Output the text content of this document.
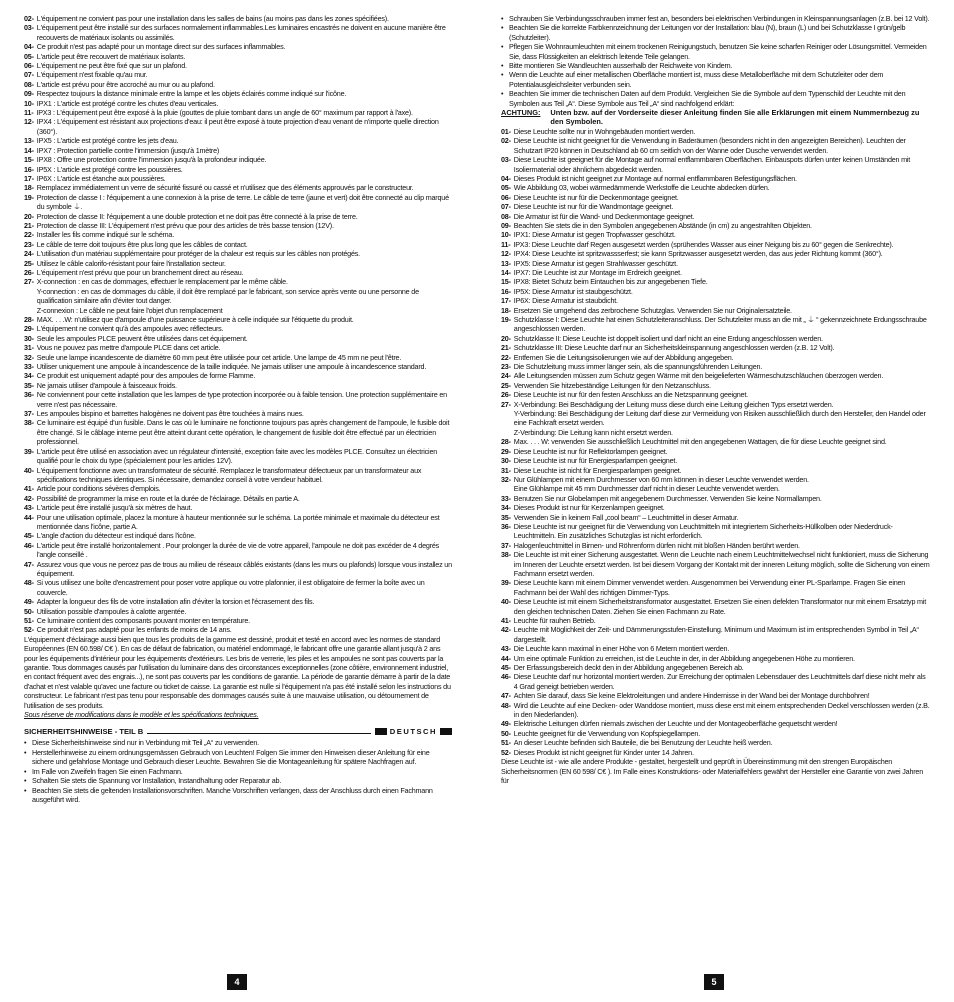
02- L'équipement ne convient pas pour une installation dans les salles de bains (au moins pas dans les zones spécifiées).
03- L'équipement peut être installé sur des surfaces normalement inflammables.Les luminaires encastrés ne doivent en aucune manière être recouverts de matériaux isolants ou assimilés.
04- Ce produit n'est pas adapté pour un montage direct sur des surfaces inflammables.
05- L'article peut être recouvert de matériaux isolants.
06- L'équipement ne peut être fixé que sur un plafond.
07- L'équipement n'est fixable qu'au mur.
08- L'article est prévu pour être accroché au mur ou au plafond.
09- Respectez toujours la distance minimale entre la lampe et les objets éclairés comme indiqué sur l'icône.
10- IPX1 : L'article est protégé contre les chutes d'eau verticales.
11- IPX3 : L'équipement peut être exposé à la pluie (gouttes de pluie tombant dans un angle de 60° maximum par rapport à l'axe).
12- IPX4 : L'équipement est résistant aux projections d'eau: il peut être exposé à toute projection d'eau venant de n'importe quelle direction (360°).
13- IPX5 : L'article est protégé contre les jets d'eau.
14- IPX7 : Protection partielle contre l'immersion (jusqu'à 1mètre)
15- IPX8 : Offre une protection contre l'immersion jusqu'à la profondeur indiquée.
16- IP5X : L'article est protégé contre les poussières.
17- IP6X : L'article est étanche aux poussières.
18- Remplacez immédiatement un verre de sécurité fissuré ou cassé et n'utilisez que des éléments approuvés par le constructeur.
19- Protection de classe I : l'équipement a une connexion à la prise de terre. Le câble de terre (jaune et vert) doit être connecté au clip marqué du symbole ⏚.
20- Protection de classe II: l'équipement a une double protection et ne doit pas être connecté à la prise de terre.
21- Protection de classe III: L'équipement n'est prévu que pour des articles de très basse tension (12V).
22- Installer les fils comme indiqué sur le schéma.
23- Le câble de terre doit toujours être plus long que les câbles de contact.
24- L'utilisation d'un matériau supplémentaire pour protéger de la chaleur est requis sur les câbles non protégés.
25- Utilisez le câble calorifo-résistant pour faire l'installation secteur.
26- L'équipement n'est prévu que pour un branchement direct au réseau.
27- X-connection : en cas de dommages, effectuer le remplacement par le même câble.
Y-connection : en cas de dommages du câble, il doit être remplacé par le fabricant, son service après vente ou une personne de qualification similaire afin d'éviter tout danger.
Z-connexion : Le câble ne peut faire l'objet d'un remplacement
28- MAX. . . .W: n'utilisez que d'ampoule d'une puissance supérieure à celle indiquée sur l'étiquette du produit.
29- L'équipement ne convient qu'à des ampoules avec réflecteurs.
30- Seule les ampoules PLCE peuvent être utilisées dans cet équipement.
31- Vous ne pouvez pas mettre d'ampoule PLCE dans cet article.
32- Seule une lampe incandescente de diamètre 60 mm peut être utilisée pour cet article. Une lampe de 45 mm ne peut l'être.
33- Utiliser uniquement une ampoule à incandescence de la taille indiquée. Ne jamais utiliser une ampoule à incandescence standard.
34- Ce produit est uniquement adapté pour des ampoules de forme Flamme.
35- Ne jamais utiliser d'ampoule à faisceaux froids.
36- Ne conviennent pour cette installation que les lampes de type protection incorporée ou à faible tension. Une protection supplémentaire en verre n'est pas nécessaire.
37- Les ampoules bispino et barrettes halogènes ne doivent pas être touchées à mains nues.
38- Ce luminaire est équipé d'un fusible. Dans le cas où le luminaire ne fonctionne toujours pas après changement de l'ampoule, le fusible doit être changé. Si le câblage interne peut être atteint durant cette opération, le changement de fusible doit être effectué par un électricien professionnel.
39- L'article peut être utilisé en association avec un régulateur d'intensité, exception faite avec les modèles PLCE. Consultez un électricien qualifié pour le choix du type (spécialement pour les articles 12V).
40- L'équipement fonctionne avec un transformateur de sécurité. Remplacez le transformateur défectueux par un transformateur aux spécifications techniques identiques. Si nécessaire, demandez conseil à votre vendeur habituel.
41- Article pour conditions sévères d'emplois.
42- Possibilité de programmer la mise en route et la durée de l'éclairage. Détails en partie A.
43- L'article peut être installé jusqu'à six mètres de haut.
44- Pour une utilisation optimale, placez la monture à hauteur mentionnée sur le schéma. La portée minimale et maximale du détecteur est mentionnée dans l'icône, partie A.
45- L'angle d'action du détecteur est indiqué dans l'icône.
46- L'article peut être installé horizontalement . Pour prolonger la durée de vie de votre appareil, l'ampoule ne doit pas excéder de 4 degrés l'angle conseillé .
47- Assurez vous que vous ne percez pas de trous au milieu de réseaux câblés existants (dans les murs ou plafonds) lorsque vous installez un équipement.
48- Si vous utilisez une boîte d'encastrement pour poser votre applique ou votre plafonnier, il est obligatoire de fermer la boîte avec un couvercle.
49- Adapter la longueur des fils de votre installation afin d'éviter la torsion et l'écrasement des fils.
50- Utilisation possible d'ampoules à calotte argentée.
51- Ce luminaire contient des composants pouvant monter en température.
52- Ce produit n'est pas adapté pour les enfants de moins de 14 ans.
L'équipement d'éclairage aussi bien que tous les produits de la gamme est dessiné, produit et testé en accord avec les normes de standard Européennes (EN 60.598/ C€ ). En cas de défaut de fabrication, ou matériel endommagé, le fabricant offre une garantie allant jusqu'à 2 ans pour les équipements d'intérieur pour les équipements d'extérieurs. Les bris de verrerie, les piles et les ampoules ne sont pas couverts par la garantie. Tous dommages causés par l'utilisation du luminaire dans des circonstances exceptionnelles (zone côtière, environnement industriel, en contact fréquent avec des engrais...), ne sont pas couverts par les conditions de garantie. La période de garantie démarre à partir de la date d'achat et n'est valable qu'avec une facture ou ticket de caisse. La garantie est nulle si l'équipement n'a pas été installé selon les instructions du constructeur. Le fabricant n'est pas tenu pour responsable des dommages causés suite à une mauvaise utilisation, ou détournement de l'utilisation de ses produits.
Sous réserve de modifications dans le modèle et les spécifications techniques.
SICHERHEITSHINWEISE - TEIL B	DEUTSCH
• Diese Sicherheitshinweise sind nur in Verbindung mit Teil „A“ zu verwenden.
• Herstellerhinweise zu einem ordnungsgemässen Gebrauch von Leuchten! Folgen Sie immer den Hinweisen dieser Anleitung für eine sichere und gefahrlose Montage und Gebrauch dieser Leuchte. Bewahren Sie die Montageanleitung für spätere Nachfragen auf.
• Im Falle von Zweifeln fragen Sie einen Fachmann.
• Schalten Sie stets die Spannung vor Installation, Instandhaltung oder Reparatur ab.
• Beachten Sie stets die geltenden Installationsvorschriften. Manche Vorschriften verlangen, dass der Anschluss durch einen Fachmann ausgeführt wird.
4
• Schrauben Sie Verbindungsschrauben immer fest an, besonders bei elektrischen Verbindungen in Kleinspannungsanlagen (z.B. bei 12 Volt).
• Beachten Sie die korrekte Farbkennzeichnung der Leitungen vor der Installation: blau (N), braun (L) und bei Schutzklasse I grün/gelb (Schutzleiter).
• Pflegen Sie Wohnraumleuchten mit einem trockenen Reinigungstuch, benutzen Sie keine scharfen Reiniger oder Lösungsmittel. Vermeiden Sie, dass Flüssigkeiten an elektrisch leitende Teile gelangen.
• Bitte montieren Sie Wandleuchten ausserhalb der Reichweite von Kindern.
• Wenn die Leuchte auf einer metallischen Oberfläche montiert ist, muss diese Metalloberfläche mit dem Schutzleiter oder dem Potentialausgleichsleiter verbunden sein.
• Beachten Sie immer die technischen Daten auf dem Produkt. Vergleichen Sie die Symbole auf dem Typenschild der Leuchte mit den Symbolen aus Teil „A“. Diese Symbole aus Teil „A“ sind nachfolgend erklärt:
ACHTUNG: Unten bzw. auf der Vorderseite dieser Anleitung finden Sie alle Erklärungen mit einem Nummernbezug zu den Symbolen.
01- Diese Leuchte sollte nur in Wohngebäuden montiert werden.
02- Diese Leuchte ist nicht geeignet für die Verwendung in Baderäumen (besonders nicht in den angezeigten Bereichen). Leuchten der Schutzart IP20 können in Deutschland ab 60 cm seitlich von der Wanne oder Dusche verwendet werden.
03- Diese Leuchte ist geeignet für die Montage auf normal entflammbaren Oberflächen. Einbauspots dürfen unter keinen Umständen mit Isoliermaterial oder ähnlichem abgedeckt werden.
04- Dieses Produkt ist nicht geeignet zur Montage auf normal entflammbaren Befestigungsflächen.
05- Wie Abbildung 03, wobei wärmedämmende Werkstoffe die Leuchte abdecken dürfen.
06- Diese Leuchte ist nur für die Deckenmontage geeignet.
07- Diese Leuchte ist nur für die Wandmontage geeignet.
08- Die Armatur ist für die Wand- und Deckenmontage geeignet.
09- Beachten Sie stets die in den Symbolen angegebenen Abstände (in cm) zu angestrahlten Objekten.
10- IPX1: Diese Armatur ist gegen Tropfwasser geschützt.
11- IPX3: Diese Leuchte darf Regen ausgesetzt werden (sprühendes Wasser aus einer Neigung bis zu 60° gegen die Senkrechte).
12- IPX4: Diese Leuchte ist spritzwassserfest; sie kann Spritzwasser ausgesetzt werden, das aus jeder Richtung kommt (360°).
13- IPX5: Diese Armatur ist gegen Strahlwasser geschützt.
14- IPX7: Die Leuchte ist zur Montage im Erdreich geeignet.
15- IPX8: Bietet Schutz beim Eintauchen bis zur angegebenen Tiefe.
16- IP5X: Diese Armatur ist staubgeschützt.
17- IP6X: Diese Armatur ist staubdicht.
18- Ersetzen Sie umgehend das zerbrochene Schutzglas. Verwenden Sie nur Originalersatzteile.
19- Schutzklasse I: Diese Leuchte hat einen Schutzleiteranschluss. Der Schutzleiter muss an die mit „ ⏚ “ gekennzeichnete Erdungsschraube angeschlossen werden.
20- Schutzklasse II: Diese Leuchte ist doppelt isoliert und darf nicht an eine Erdung angeschlossen werden.
21- Schutzklasse III: Diese Leuchte darf nur an Sicherheitskleinspannung angeschlossen werden (z.B. 12 Volt).
22- Entfernen Sie die Leitungsisolierungen wie auf der Abbildung angegeben.
23- Die Schutzleitung muss immer länger sein, als die spannungsführenden Leitungen.
24- Alle Leitungsenden müssen zum Schutz gegen Wärme mit den beigelieferten Wärmeschutzschläuchen überzogen werden.
25- Verwenden Sie hitzebeständige Leitungen für den Netzanschluss.
26- Diese Leuchte ist nur für den festen Anschluss an die Netzspannung geeignet.
27- X-Verbindung: Bei Beschädigung der Leitung muss diese durch eine Leitung gleichen Typs ersetzt werden.
Y-Verbindung: Bei Beschädigung der Leitung darf diese zur Vermeidung von Risiken ausschließlich durch den Hersteller, den Handel oder eine Fachkraft ersetzt werden.
Z-Verbindung: Die Leitung kann nicht ersetzt werden.
28- Max. . . . W: verwenden Sie ausschließlich Leuchtmittel mit den angegebenen Wattagen, die für diese Leuchte geeignet sind.
29- Diese Leuchte ist nur für Reflektorlampen geeignet.
30- Diese Leuchte ist nur für Energiesparlampen geeignet.
31- Diese Leuchte ist nicht für Energiesparlampen geeignet.
32- Nur Glühlampen mit einem Durchmesser von 60 mm können in dieser Leuchte verwendet werden.
Eine Glühlampe mit 45 mm Durchmesser darf nicht in dieser Leuchte verwendet werden.
33- Benutzen Sie nur Globelampen mit angegebenem Durchmesser. Verwenden Sie keine Normallampen.
34- Dieses Produkt ist nur für Kerzenlampen geeignet.
35- Verwenden Sie in keinem Fall „cool beam“ – Leuchtmittel in dieser Armatur.
36- Diese Leuchte ist nur geeignet für die Verwendung von Leuchtmitteln mit integriertem Sicherheits-Hüllkolben oder Niederdruck-Leuchtmitteln. Ein zusätzliches Schutzglas ist nicht erforderlich.
37- Halogenleuchtmittel in Birnen- und Röhrenform dürfen nicht mit bloßen Händen berührt werden.
38- Die Leuchte ist mit einer Sicherung ausgestattet. Wenn die Leuchte nach einem Leuchtmittelwechsel nicht funktioniert, muss die Sicherung im Inneren der Leuchte ersetzt werden. Ist bei diesem Vorgang der Kontakt mit der inneren Leitung möglich, sollte die Sicherung von einem Fachmann ersetzt werden.
39- Diese Leuchte kann mit einem Dimmer verwendet werden. Ausgenommen bei Verwendung einer PL-Sparlampe. Fragen Sie einen Fachmann bei der Wahl des richtigen Dimmer-Typs.
40- Diese Leuchte ist mit einem Sicherheitstransformator ausgestattet. Ersetzen Sie einen defekten Transformator nur mit einem Ersatztyp mit den gleichen technischen Daten. Ziehen Sie einen Fachmann zu Rate.
41- Leuchte für rauhen Betrieb.
42- Leuchte mit Möglichkeit der Zeit- und Dämmerungsstufen-Einstellung. Minimum und Maximum ist im entsprechenden Symbol in Teil „A“ dargestellt.
43- Die Leuchte kann maximal in einer Höhe von 6 Metern montiert werden.
44- Um eine optimale Funktion zu erreichen, ist die Leuchte in der, in der Abbildung angegebenen Höhe zu montieren.
45- Der Erfassungsbereich deckt den in der Abbildung angegebenen Bereich ab.
46- Diese Leuchte darf nur horizontal montiert werden. Zur Erreichung der optimalen Lebensdauer des Leuchtmittels darf diese nicht mehr als 4 Grad geneigt betrieben werden.
47- Achten Sie darauf, dass Sie keine Elektroleitungen und andere Hindernisse in der Wand bei der Montage durchbohren!
48- Wird die Leuchte auf eine Decken- oder Wanddose montiert, muss diese erst mit einem entsprechenden Deckel verschlossen werden (z.B. in den Niederlanden).
49- Elektrische Leitungen dürfen niemals zwischen der Leuchte und der Montageoberfläche gequetscht werden!
50- Leuchte geeignet für die Verwendung von Kopfspiegellampen.
51- An dieser Leuchte befinden sich Bauteile, die bei Benutzung der Leuchte heiß werden.
52- Dieses Produkt ist nicht geeignet für Kinder unter 14 Jahren.
Diese Leuchte ist - wie alle andere Produkte - gestaltet, hergestellt und geprüft in Übereinstimmung mit den strengen Europäischen Sicherheitsnormen (EN 60 598/ C€ ). Im Falle eines Konstruktions- oder Materialfehlers gewährt der Hersteller eine Garantie von zwei Jahren für
5
